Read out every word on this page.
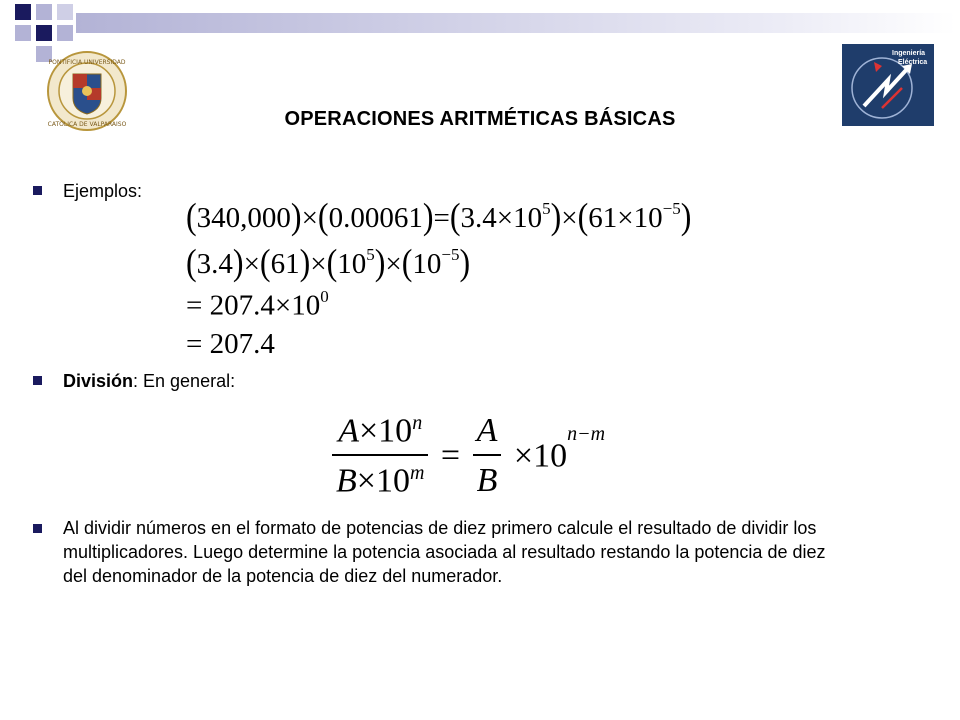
PONTIFICIA UNIVERSIDAD
CATOLICA DE VALPARAISO
Ingeniería
Eléctrica
OPERACIONES ARITMÉTICAS BÁSICAS
Ejemplos:
$(340,000)\times(0.00061)=(3.4\times 10^5)\times(61\times 10^{-5})$
$(3.4)\times(61)\times(10^5)\times(10^{-5})$
= $207.4\times 10^0$
= 207.4
División: En general:
$\frac{A\times 10^n}{B\times 10^m} = \frac{A}{B} \times 10^{n-m}$
Al dividir números en el formato de potencias de diez primero calcule el resultado de dividir los multiplicadores. Luego determine la potencia asociada al resultado restando la potencia de diez del denominador de la potencia de diez del numerador.
